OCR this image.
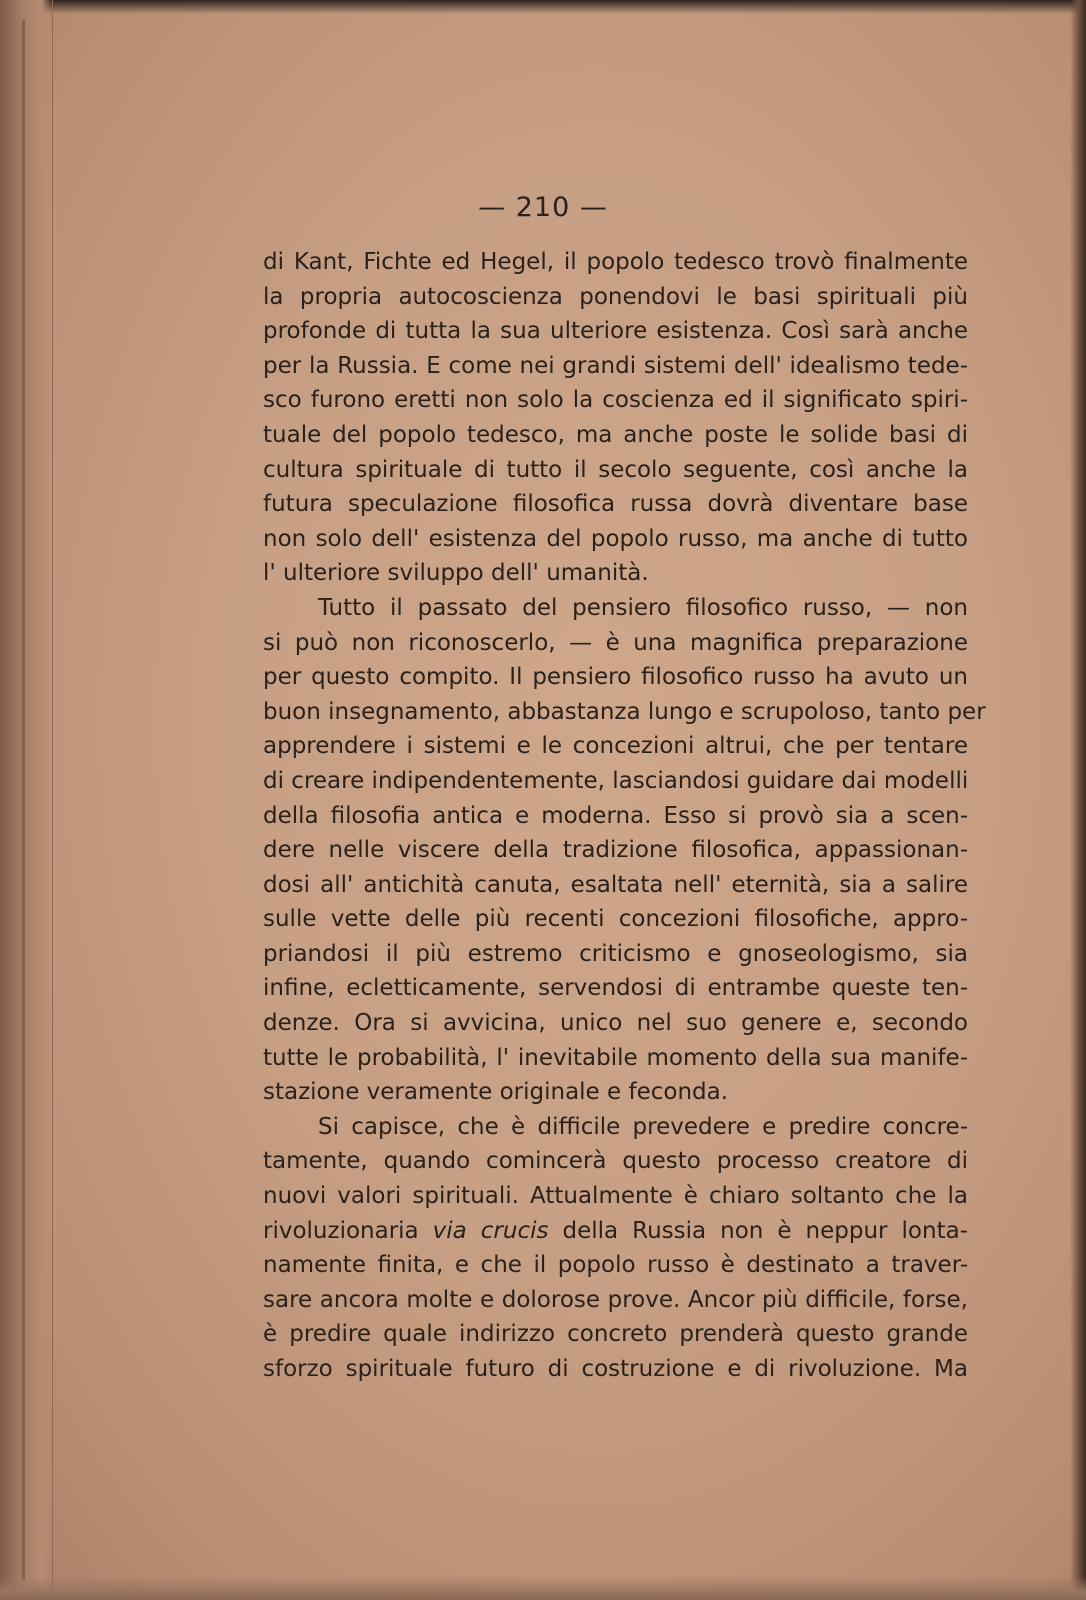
— 210 —
di Kant, Fichte ed Hegel, il popolo tedesco trovò finalmente
la propria autocoscienza ponendovi le basi spirituali più
profonde di tutta la sua ulteriore esistenza. Così sarà anche
per la Russia. E come nei grandi sistemi dell' idealismo tede-
sco furono eretti non solo la coscienza ed il significato spiri-
tuale del popolo tedesco, ma anche poste le solide basi di
cultura spirituale di tutto il secolo seguente, così anche la
futura speculazione filosofica russa dovrà diventare base
non solo dell' esistenza del popolo russo, ma anche di tutto
l' ulteriore sviluppo dell' umanità.
Tutto il passato del pensiero filosofico russo, — non
si può non riconoscerlo, — è una magnifica preparazione
per questo compito. Il pensiero filosofico russo ha avuto un
buon insegnamento, abbastanza lungo e scrupoloso, tanto per
apprendere i sistemi e le concezioni altrui, che per tentare
di creare indipendentemente, lasciandosi guidare dai modelli
della filosofia antica e moderna. Esso si provò sia a scen-
dere nelle viscere della tradizione filosofica, appassionan-
dosi all' antichità canuta, esaltata nell' eternità, sia a salire
sulle vette delle più recenti concezioni filosofiche, appro-
priandosi il più estremo criticismo e gnoseologismo, sia
infine, ecletticamente, servendosi di entrambe queste ten-
denze. Ora si avvicina, unico nel suo genere e, secondo
tutte le probabilità, l' inevitabile momento della sua manife-
stazione veramente originale e feconda.
Si capisce, che è difficile prevedere e predire concre-
tamente, quando comincerà questo processo creatore di
nuovi valori spirituali. Attualmente è chiaro soltanto che la
rivoluzionaria via crucis della Russia non è neppur lonta-
namente finita, e che il popolo russo è destinato a traver-
sare ancora molte e dolorose prove. Ancor più difficile, forse,
è predire quale indirizzo concreto prenderà questo grande
sforzo spirituale futuro di costruzione e di rivoluzione. Ma
